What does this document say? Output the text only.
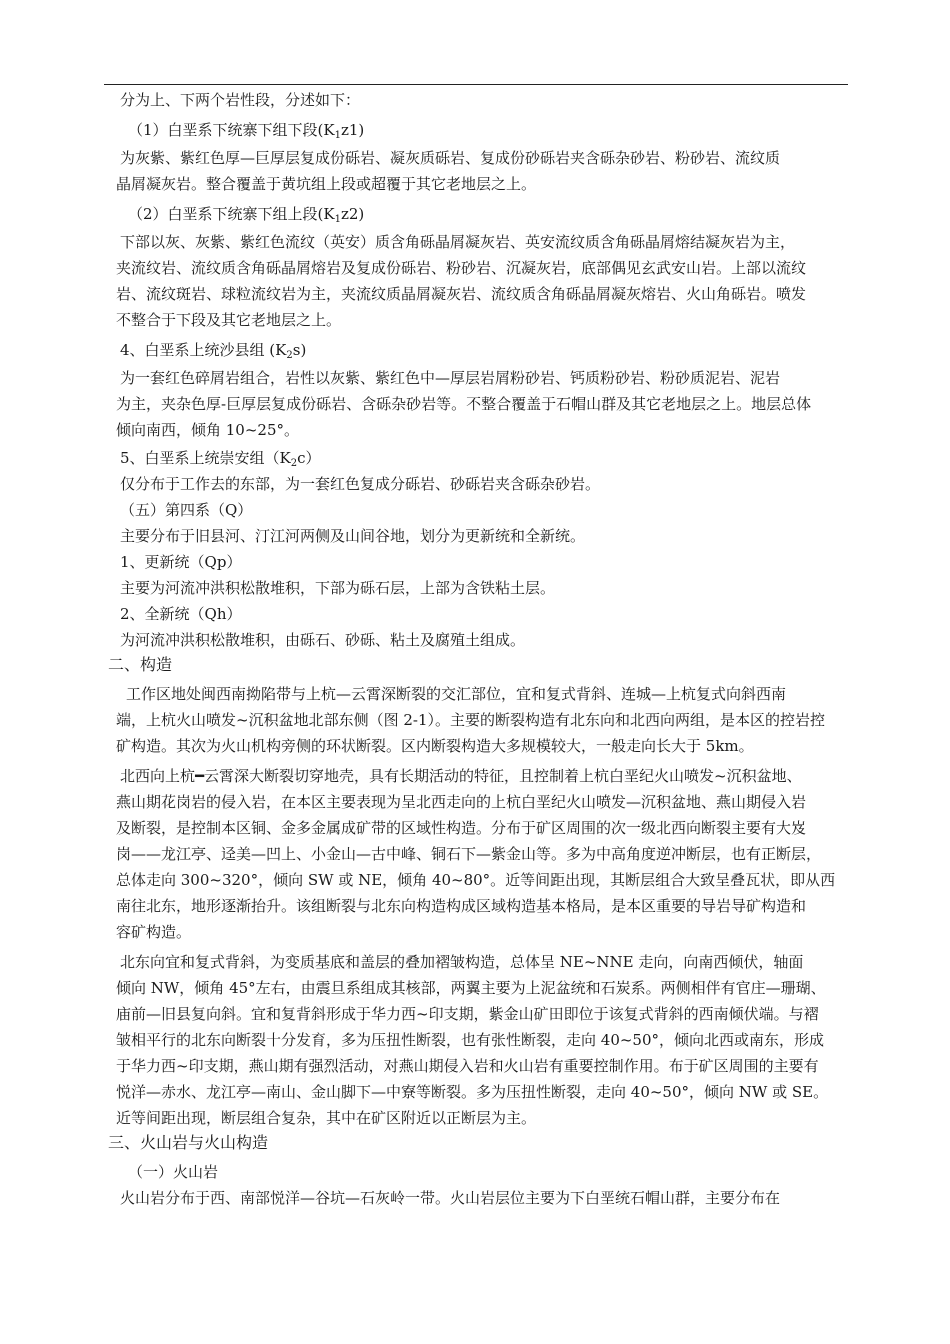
分为上、下两个岩性段，分述如下：
（1）白垩系下统寨下组下段$(K_1z1)$
为灰紫、紫红色厚—巨厚层复成份砾岩、凝灰质砾岩、复成份砂砾岩夹含砾杂砂岩、粉砂岩、流纹质
晶屑凝灰岩。整合覆盖于黄坑组上段或超覆于其它老地层之上。
（2）白垩系下统寨下组上段$(K_1z2)$
下部以灰、灰紫、紫红色流纹（英安）质含角砾晶屑凝灰岩、英安流纹质含角砾晶屑熔结凝灰岩为主，
夹流纹岩、流纹质含角砾晶屑熔岩及复成份砾岩、粉砂岩、沉凝灰岩，底部偶见玄武安山岩。上部以流纹
岩、流纹斑岩、球粒流纹岩为主，夹流纹质晶屑凝灰岩、流纹质含角砾晶屑凝灰熔岩、火山角砾岩。喷发
不整合于下段及其它老地层之上。
4、白垩系上统沙县组 $(K_2s)$
为一套红色碎屑岩组合，岩性以灰紫、紫红色中—厚层岩屑粉砂岩、钙质粉砂岩、粉砂质泥岩、泥岩
为主，夹杂色厚-巨厚层复成份砾岩、含砾杂砂岩等。不整合覆盖于石帽山群及其它老地层之上。地层总体
倾向南西，倾角 10~25°。
5、白垩系上统崇安组$(K_2c)$
仅分布于工作去的东部，为一套红色复成分砾岩、砂砾岩夹含砾杂砂岩。
（五）第四系（Q）
主要分布于旧县河、汀江河两侧及山间谷地，划分为更新统和全新统。
1、更新统（Qp）
主要为河流冲洪积松散堆积，下部为砾石层，上部为含铁粘土层。
2、全新统（Qh）
为河流冲洪积松散堆积，由砾石、砂砾、粘土及腐殖土组成。
二、构造
工作区地处闽西南拗陷带与上杭—云霄深断裂的交汇部位，宜和复式背斜、连城—上杭复式向斜西南
端，上杭火山喷发~沉积盆地北部东侧（图 2-1）。主要的断裂构造有北东向和北西向两组，是本区的控岩控
矿构造。其次为火山机构旁侧的环状断裂。区内断裂构造大多规模较大，一般走向长大于 5km。
北西向上杭━云霄深大断裂切穿地壳，具有长期活动的特征，且控制着上杭白垩纪火山喷发~沉积盆地、
燕山期花岗岩的侵入岩，在本区主要表现为呈北西走向的上杭白垩纪火山喷发—沉积盆地、燕山期侵入岩
及断裂，是控制本区铜、金多金属成矿带的区域性构造。分布于矿区周围的次一级北西向断裂主要有大岌
岗——龙江亭、迳美—凹上、小金山—古中峰、铜石下—紫金山等。多为中高角度逆冲断层，也有正断层，
总体走向 300~320°，倾向 SW 或 NE，倾角 40~80°。近等间距出现，其断层组合大致呈叠瓦状，即从西
南往北东，地形逐渐抬升。该组断裂与北东向构造构成区域构造基本格局，是本区重要的导岩导矿构造和
容矿构造。
北东向宜和复式背斜，为变质基底和盖层的叠加褶皱构造，总体呈 NE~NNE 走向，向南西倾伏，轴面
倾向 NW，倾角 45°左右，由震旦系组成其核部，两翼主要为上泥盆统和石炭系。两侧相伴有官庄—珊瑚、
庙前—旧县复向斜。宜和复背斜形成于华力西~印支期，紫金山矿田即位于该复式背斜的西南倾伏端。与褶
皱相平行的北东向断裂十分发育，多为压扭性断裂，也有张性断裂，走向 40~50°，倾向北西或南东，形成
于华力西~印支期，燕山期有强烈活动，对燕山期侵入岩和火山岩有重要控制作用。布于矿区周围的主要有
悦洋—赤水、龙江亭—南山、金山脚下—中寮等断裂。多为压扭性断裂，走向 40~50°，倾向 NW 或 SE。
近等间距出现，断层组合复杂，其中在矿区附近以正断层为主。
三、火山岩与火山构造
（一）火山岩
火山岩分布于西、南部悦洋—谷坑—石灰岭一带。火山岩层位主要为下白垩统石帽山群，主要分布在
